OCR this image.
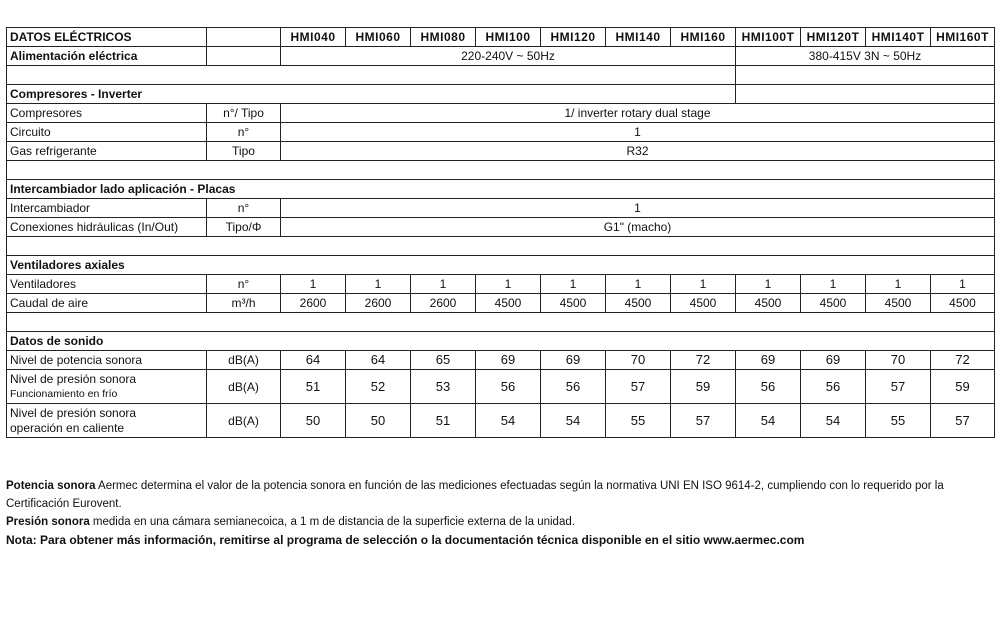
DATOS ELÉCTRICOS		HMI040	HMI060	HMI080	HMI100	HMI120	HMI140	HMI160	HMI100T	HMI120T	HMI140T	HMI160T
Alimentación eléctrica		220-240V ~ 50Hz							380-415V 3N ~ 50Hz			

Compresores - Inverter												
Compresores	n°/ Tipo	1/ inverter rotary dual stage										
Circuito	n°	1										
Gas refrigerante	Tipo	R32										

Intercambiador lado aplicación - Placas												
Intercambiador	n°	1										
Conexiones hidráulicas (In/Out)	Tipo/Φ	G1" (macho)										

Ventiladores axiales												
Ventiladores	n°	1	1	1	1	1	1	1	1	1	1	1
Caudal de aire	m³/h	2600	2600	2600	4500	4500	4500	4500	4500	4500	4500	4500

Datos de sonido												
Nivel de potencia sonora	dB(A)	64	64	65	69	69	70	72	69	69	70	72

Nivel de presión sonora
Funcionamiento en frío	dB(A)	51	52	53	56	56	57	59	56	56	57	59

Nivel de presión sonora
operación en caliente	dB(A)	50	50	51	54	54	55	57	54	54	55	57

Potencia sonora Aermec determina el valor de la potencia sonora en función de las mediciones efectuadas según la normativa UNI EN ISO 9614-2, cumpliendo con lo requerido por la Certificación Eurovent.

Presión sonora medida en una cámara semianecoica, a 1 m de distancia de la superficie externa de la unidad.

Nota: Para obtener más información, remitirse al programa de selección o la documentación técnica disponible en el sitio www.aermec.com
